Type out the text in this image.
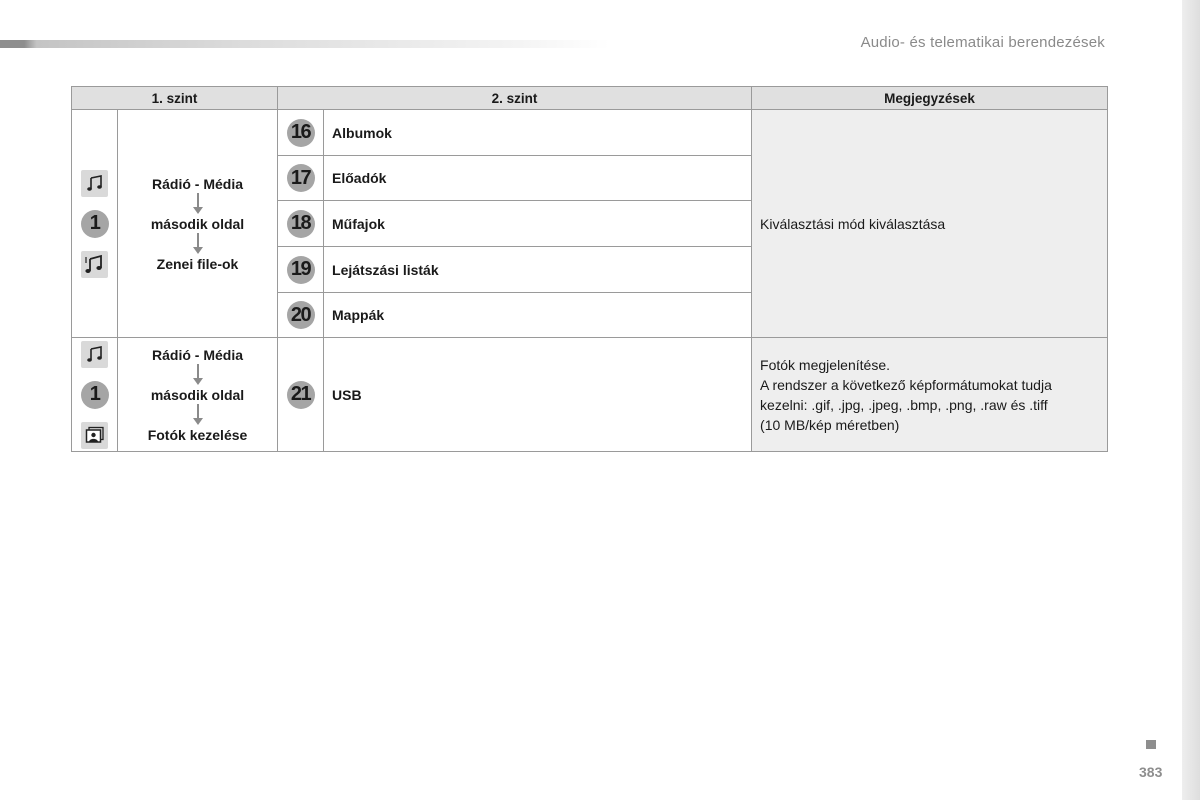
Audio- és telematikai berendezések
1. szint		2. szint		Megjegyzések

1	Rádió - Média
második oldal
Zenei file-ok	16	Albumok	Kiválasztási mód kiválasztása

17	Előadók	

18	Műfajok	

19	Lejátszási listák	

20	Mappák	

1	Rádió - Média
második oldal
Fotók kezelése	21	USB	Fotók megjelenítése.
A rendszer a következő képformátumokat tudja
kezelni: .gif, .jpg, .jpeg, .bmp, .png, .raw és .tiff
(10 MB/kép méretben)
383
